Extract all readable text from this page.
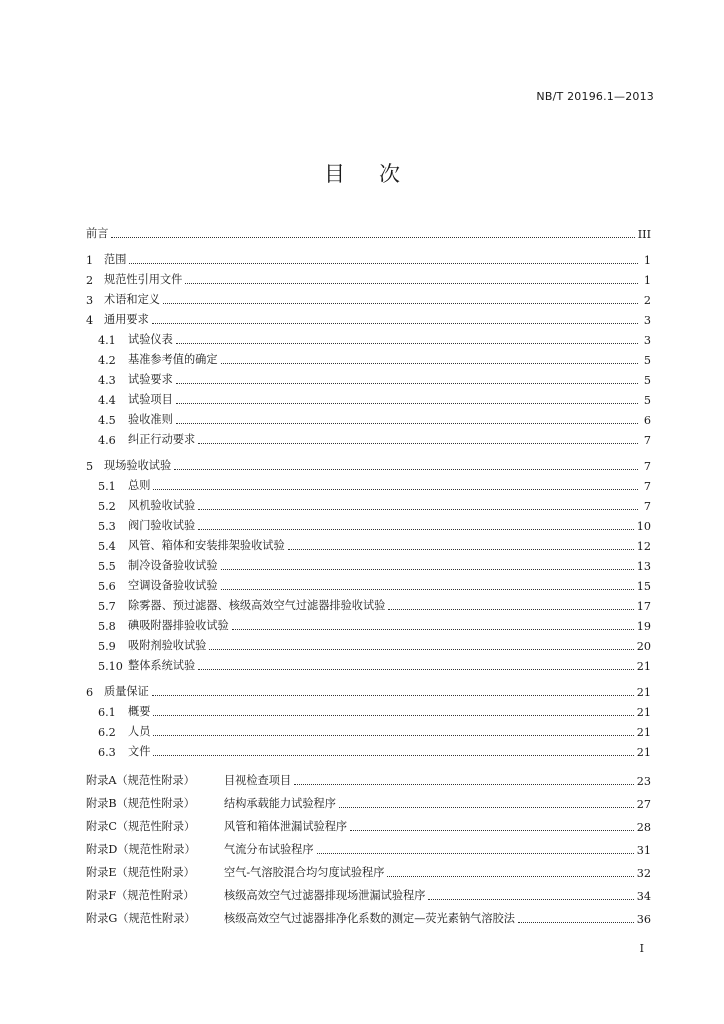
NB/T 20196.1—2013
目次
前言	III
1 范围	1
2 规范性引用文件	1
3 术语和定义	2
4 通用要求	3
4.1	试验仪表	3
4.2	基准参考值的确定	5
4.3	试验要求	5
4.4	试验项目	5
4.5	验收准则	6
4.6	纠正行动要求	7
5 现场验收试验	7
5.1	总则	7
5.2	风机验收试验	7
5.3	阀门验收试验	10
5.4	风管、箱体和安装排架验收试验	12
5.5	制冷设备验收试验	13
5.6	空调设备验收试验	15
5.7	除雾器、预过滤器、核级高效空气过滤器排验收试验	17
5.8	碘吸附器排验收试验	19
5.9	吸附剂验收试验	20
5.10 整体系统试验	21
6 质量保证	21
6.1	概要	21
6.2	人员	21
6.3	文件	21
附录A（规范性附录）	目视检查项目	23
附录B（规范性附录）	结构承载能力试验程序	27
附录C（规范性附录）	风管和箱体泄漏试验程序	28
附录D（规范性附录）	气流分布试验程序	31
附录E（规范性附录）	空气-气溶胶混合均匀度试验程序	32
附录F（规范性附录）	核级高效空气过滤器排现场泄漏试验程序	34
附录G（规范性附录）	核级高效空气过滤器排净化系数的测定—荧光素钠气溶胶法	36
I
